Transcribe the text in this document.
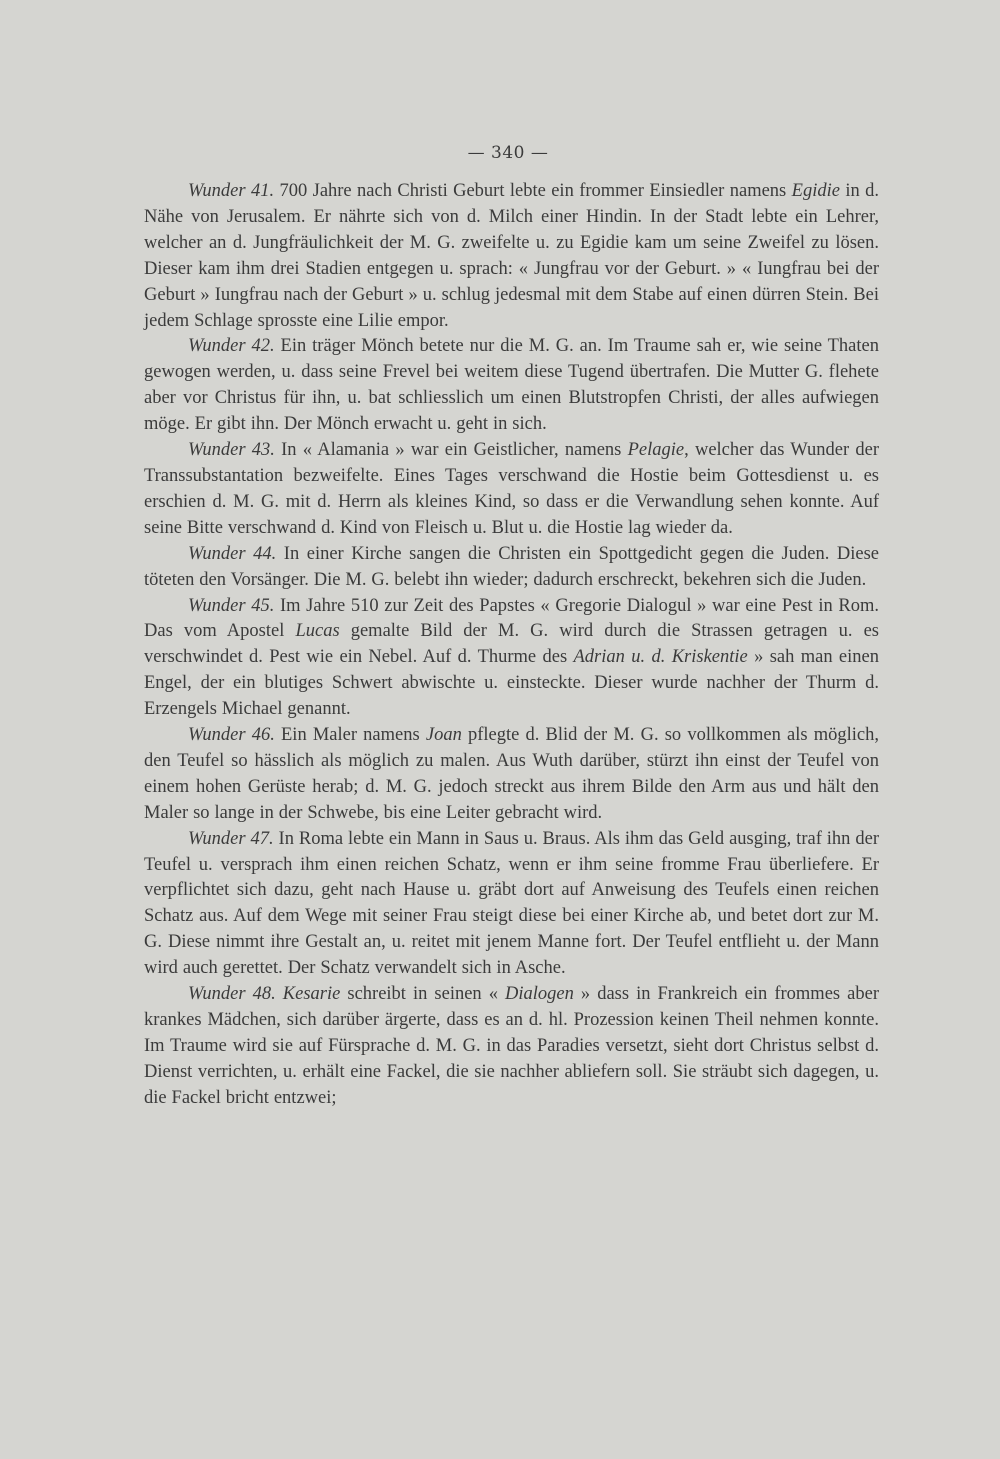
— 340 —

Wunder 41. 700 Jahre nach Christi Geburt lebte ein frommer Einsiedler namens Egidie in d. Nähe von Jerusalem. Er nährte sich von d. Milch einer Hindin. In der Stadt lebte ein Lehrer, welcher an d. Jungfräulichkeit der M. G. zweifelte u. zu Egidie kam um seine Zweifel zu lösen. Dieser kam ihm drei Stadien entgegen u. sprach: « Jungfrau vor der Geburt. » « Iungfrau bei der Geburt » Iungfrau nach der Geburt » u. schlug jedesmal mit dem Stabe auf einen dürren Stein. Bei jedem Schlage sprosste eine Lilie empor.

Wunder 42. Ein träger Mönch betete nur die M. G. an. Im Traume sah er, wie seine Thaten gewogen werden, u. dass seine Frevel bei weitem diese Tugend übertrafen. Die Mutter G. flehete aber vor Christus für ihn, u. bat schliesslich um einen Blutstropfen Christi, der alles aufwiegen möge. Er gibt ihn. Der Mönch erwacht u. geht in sich.

Wunder 43. In « Alamania » war ein Geistlicher, namens Pelagie, welcher das Wunder der Transsubstantation bezweifelte. Eines Tages verschwand die Hostie beim Gottesdienst u. es erschien d. M. G. mit d. Herrn als kleines Kind, so dass er die Verwandlung sehen konnte. Auf seine Bitte verschwand d. Kind von Fleisch u. Blut u. die Hostie lag wieder da.

Wunder 44. In einer Kirche sangen die Christen ein Spottgedicht gegen die Juden. Diese töteten den Vorsänger. Die M. G. belebt ihn wieder; dadurch erschreckt, bekehren sich die Juden.

Wunder 45. Im Jahre 510 zur Zeit des Papstes « Gregorie Dialogul » war eine Pest in Rom. Das vom Apostel Lucas gemalte Bild der M. G. wird durch die Strassen getragen u. es verschwindet d. Pest wie ein Nebel. Auf d. Thurme des Adrian u. d. Kriskentie » sah man einen Engel, der ein blutiges Schwert abwischte u. einsteckte. Dieser wurde nachher der Thurm d. Erzengels Michael genannt.

Wunder 46. Ein Maler namens Joan pflegte d. Blid der M. G. so vollkommen als möglich, den Teufel so hässlich als möglich zu malen. Aus Wuth darüber, stürzt ihn einst der Teufel von einem hohen Gerüste herab; d. M. G. jedoch streckt aus ihrem Bilde den Arm aus und hält den Maler so lange in der Schwebe, bis eine Leiter gebracht wird.

Wunder 47. In Roma lebte ein Mann in Saus u. Braus. Als ihm das Geld ausging, traf ihn der Teufel u. versprach ihm einen reichen Schatz, wenn er ihm seine fromme Frau überliefere. Er verpflichtet sich dazu, geht nach Hause u. gräbt dort auf Anweisung des Teufels einen reichen Schatz aus. Auf dem Wege mit seiner Frau steigt diese bei einer Kirche ab, und betet dort zur M. G. Diese nimmt ihre Gestalt an, u. reitet mit jenem Manne fort. Der Teufel entflieht u. der Mann wird auch gerettet. Der Schatz verwandelt sich in Asche.

Wunder 48. Kesarie schreibt in seinen « Dialogen » dass in Frankreich ein frommes aber krankes Mädchen, sich darüber ärgerte, dass es an d. hl. Prozession keinen Theil nehmen konnte. Im Traume wird sie auf Fürsprache d. M. G. in das Paradies versetzt, sieht dort Christus selbst d. Dienst verrichten, u. erhält eine Fackel, die sie nachher abliefern soll. Sie sträubt sich dagegen, u. die Fackel bricht entzwei;
